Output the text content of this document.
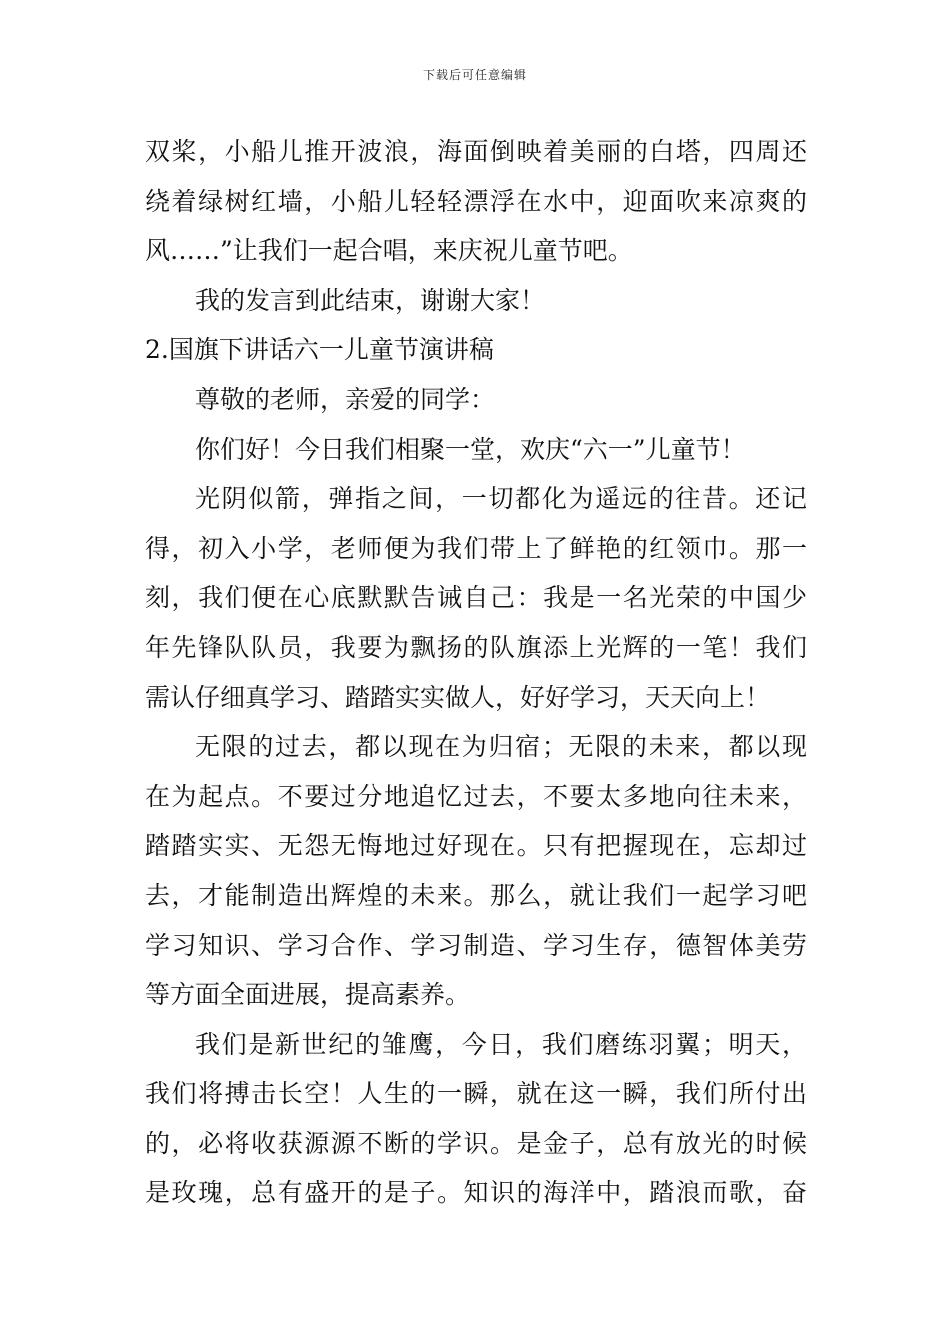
下载后可任意编辑
双桨，小船儿推开波浪，海面倒映着美丽的白塔，四周还
绕着绿树红墙，小船儿轻轻漂浮在水中，迎面吹来凉爽的
风……”让我们一起合唱，来庆祝儿童节吧。
我的发言到此结束，谢谢大家！
2.国旗下讲话六一儿童节演讲稿
尊敬的老师，亲爱的同学：
你们好！今日我们相聚一堂，欢庆“六一”儿童节！
光阴似箭，弹指之间，一切都化为遥远的往昔。还记
得，初入小学，老师便为我们带上了鲜艳的红领巾。那一
刻，我们便在心底默默告诫自己：我是一名光荣的中国少
年先锋队队员，我要为飘扬的队旗添上光辉的一笔！我们
需认仔细真学习、踏踏实实做人，好好学习，天天向上！
无限的过去，都以现在为归宿；无限的未来，都以现
在为起点。不要过分地追忆过去，不要太多地向往未来，
踏踏实实、无怨无悔地过好现在。只有把握现在，忘却过
去，才能制造出辉煌的未来。那么，就让我们一起学习吧
学习知识、学习合作、学习制造、学习生存，德智体美劳
等方面全面进展，提高素养。
我们是新世纪的雏鹰，今日，我们磨练羽翼；明天，
我们将搏击长空！人生的一瞬，就在这一瞬，我们所付出
的，必将收获源源不断的学识。是金子，总有放光的时候
是玫瑰，总有盛开的是子。知识的海洋中，踏浪而歌，奋
